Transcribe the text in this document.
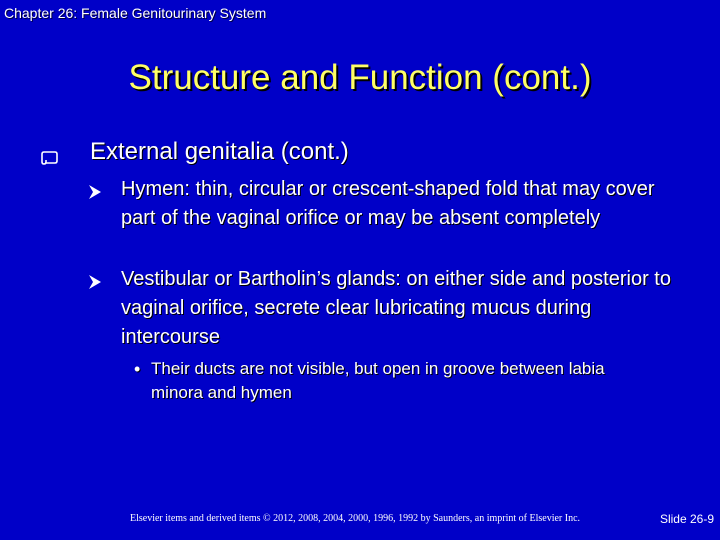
Chapter 26: Female Genitourinary System
Structure and Function (cont.)
External genitalia (cont.)
Hymen: thin, circular or crescent-shaped fold that may cover part of the vaginal orifice or may be absent completely
Vestibular or Bartholin’s glands: on either side and posterior to vaginal orifice, secrete clear lubricating mucus during intercourse
• Their ducts are not visible, but open in groove between labia minora and hymen
Elsevier items and derived items © 2012, 2008, 2004, 2000, 1996, 1992 by Saunders, an imprint of Elsevier Inc.	Slide 26-9
